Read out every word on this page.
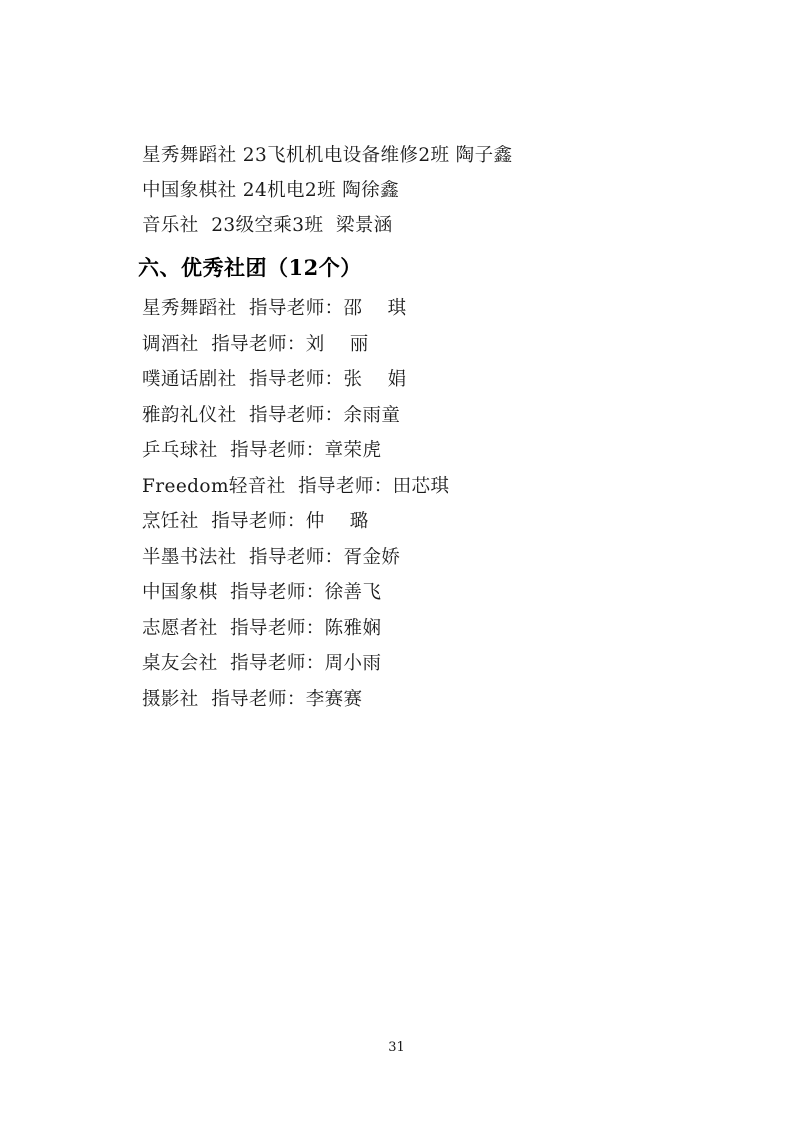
星秀舞蹈社 23飞机机电设备维修2班 陶子鑫
中国象棋社 24机电2班 陶徐鑫
音乐社  23级空乘3班  梁景涵
六、优秀社团（12个）
星秀舞蹈社  指导老师：邵    琪
调酒社  指导老师：刘    丽
噗通话剧社  指导老师：张    娟
雅韵礼仪社  指导老师：余雨童
乒乓球社  指导老师：章荣虎
Freedom轻音社  指导老师：田芯琪
烹饪社  指导老师：仲    璐
半墨书法社  指导老师：胥金娇
中国象棋  指导老师：徐善飞
志愿者社  指导老师：陈雅娴
桌友会社  指导老师：周小雨
摄影社  指导老师：李赛赛
31
